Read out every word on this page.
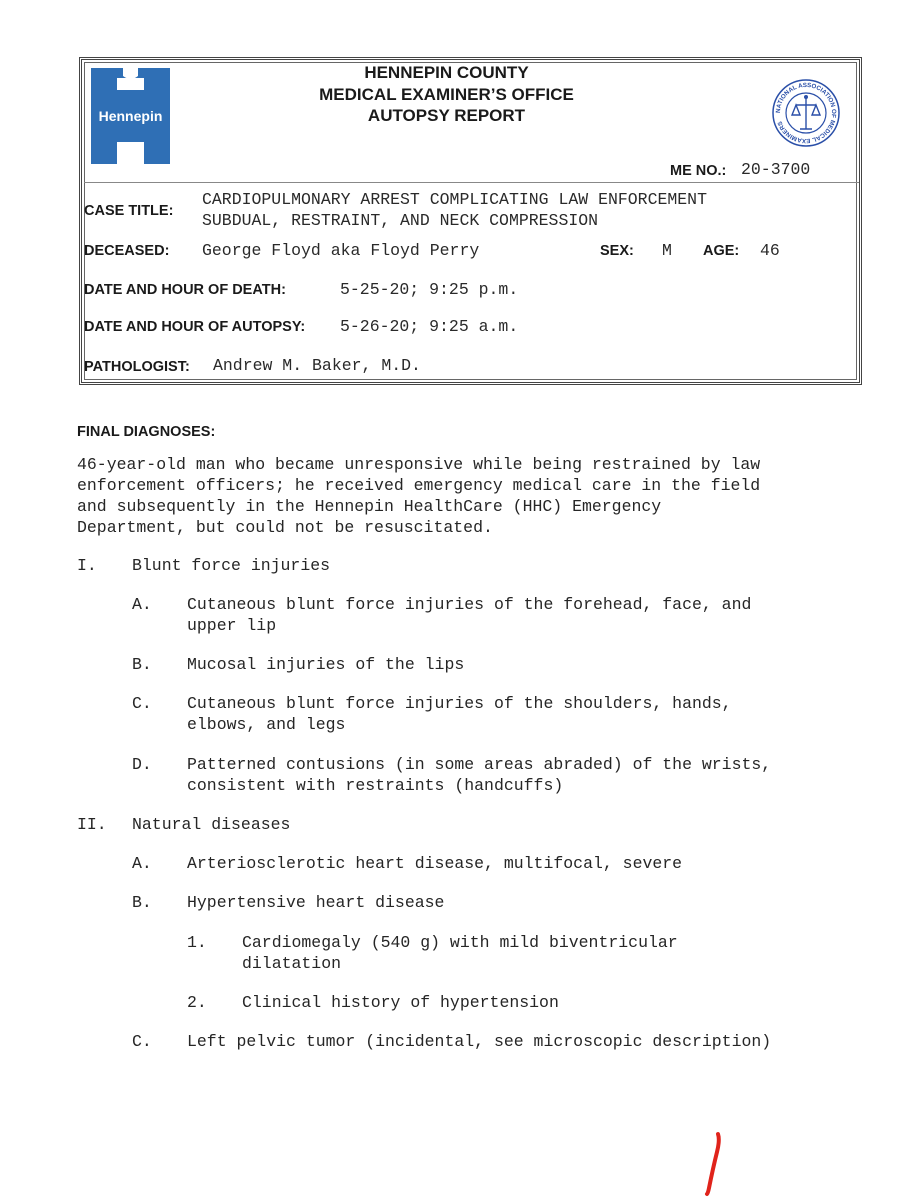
Hennepin	NATIONAL ASSOCIATION OF MEDICAL EXAMINERS
HENNEPIN COUNTY
MEDICAL EXAMINER’S OFFICE
AUTOPSY REPORT
ME NO.: 20-3700
CASE TITLE:
CARDIOPULMONARY ARREST COMPLICATING LAW ENFORCEMENT
SUBDUAL, RESTRAINT, AND NECK COMPRESSION
DECEASED: George Floyd aka Floyd Perry	SEX: M AGE: 46
DATE AND HOUR OF DEATH:	5-25-20; 9:25 p.m.
DATE AND HOUR OF AUTOPSY: 5-26-20; 9:25 a.m.
PATHOLOGIST: Andrew M. Baker, M.D.
FINAL DIAGNOSES:
46-year-old man who became unresponsive while being restrained by law
enforcement officers; he received emergency medical care in the field
and subsequently in the Hennepin HealthCare (HHC) Emergency
Department, but could not be resuscitated.
I. Blunt force injuries
A. Cutaneous blunt force injuries of the forehead, face, and
upper lip
B. Mucosal injuries of the lips
C. Cutaneous blunt force injuries of the shoulders, hands,
elbows, and legs
D. Patterned contusions (in some areas abraded) of the wrists,
consistent with restraints (handcuffs)
II. Natural diseases
A. Arteriosclerotic heart disease, multifocal, severe
B. Hypertensive heart disease
1. Cardiomegaly (540 g) with mild biventricular
dilatation
2. Clinical history of hypertension
C. Left pelvic tumor (incidental, see microscopic description)
